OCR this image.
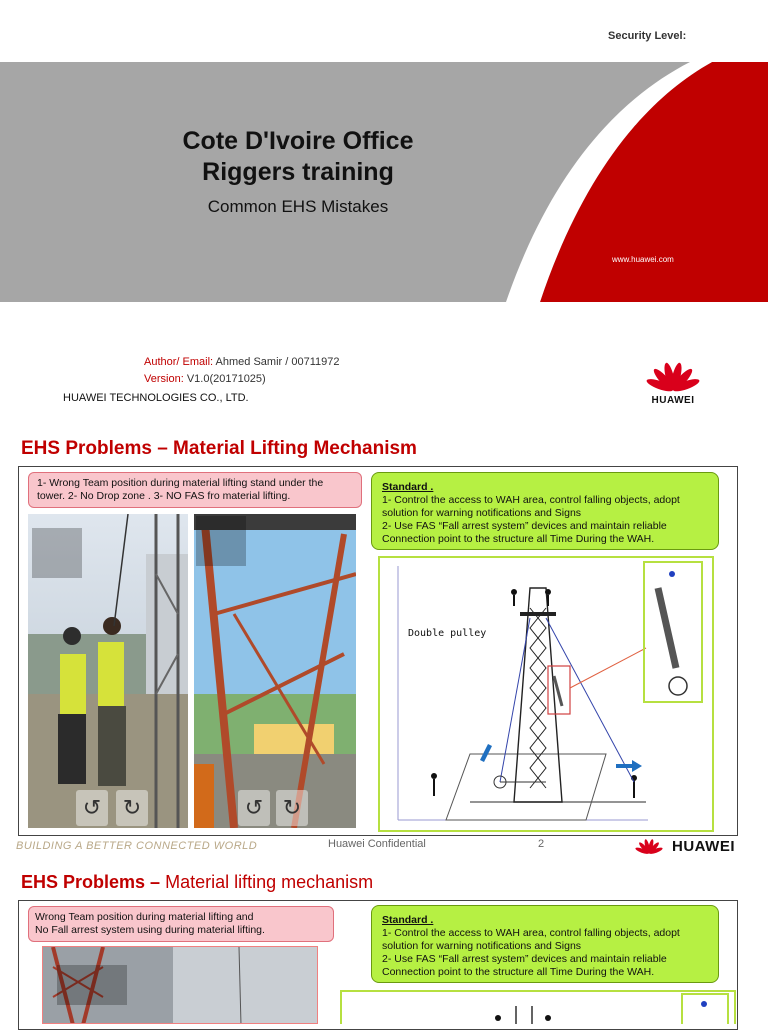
Security Level:
Cote D'Ivoire Office
Riggers training
Common EHS Mistakes
www.huawei.com
Author/ Email: Ahmed Samir / 00711972
Version: V1.0(20171025)
HUAWEI TECHNOLOGIES CO., LTD.	HUAWEI
EHS Problems – Material Lifting Mechanism
1- Wrong Team position during material lifting stand under the tower. 2- No Drop zone . 3- NO FAS fro material lifting.
Standard .
1- Control the access to WAH area, control falling objects, adopt solution for warning notifications and Signs
2- Use FAS “Fall arrest system” devices and maintain reliable Connection point to the structure all Time During the WAH.
↺ ↻	↺ ↻
Double pulley
BUILDING A BETTER CONNECTED WORLD	Huawei Confidential	2	HUAWEI
EHS Problems – Material lifting mechanism
Wrong Team position during material lifting and
No Fall arrest system using during material lifting.
Standard .
1- Control the access to WAH area, control falling objects, adopt solution for warning notifications and Signs
2- Use FAS “Fall arrest system” devices and maintain reliable Connection point to the structure all Time During the WAH.
